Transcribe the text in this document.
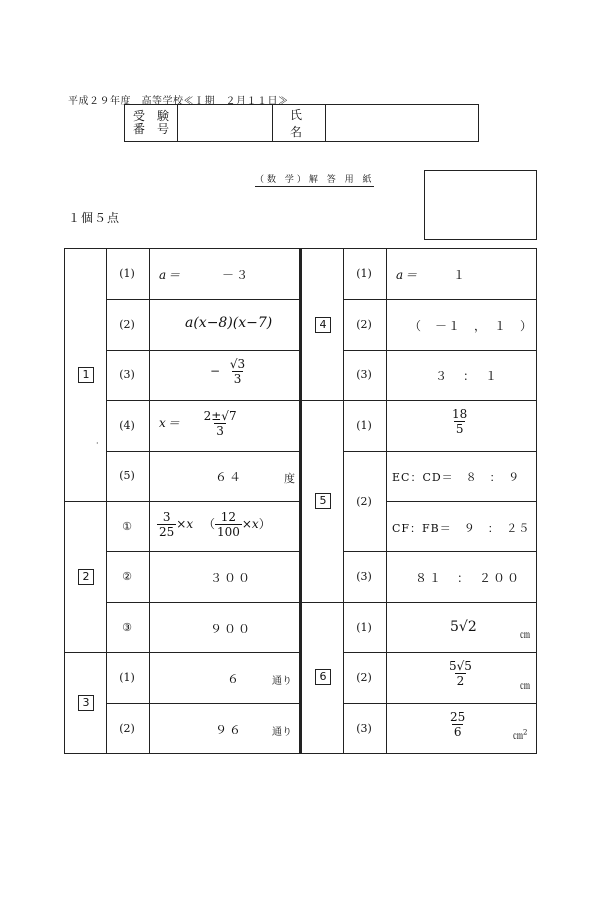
平成２９年度　高等学校≪Ｉ期　２月１１日≫
受　験
番　号		氏　名	
（数 学）解 答 用 紙
１個５点
1
(1)	a＝	－３
(2)	a(x−8)(x−7)
(3)	− $\frac{√3}{3}$
(4)	$x= \frac{2\pm√7}{3}$
(5)	６４	度
2
①	$\frac{3}{25} \times x$ （ $\frac{12}{100} \times x$）
②	３００
③	９００
3
(1)	６	通り
(2)	９６	通り
4
(1)	a＝	１
(2)	（　－１　，　１　）
(3)	３　：　１
5
(1)	$\frac{18}{5}$
(2)
EC：CD＝　８　：　９
CF：FB＝　９　：　２５
(3)	８１　：　２００
6
(1)	5√2
㎝
(2)	$\frac{5√5}{2}$	㎝
(3)	$\frac{25}{6}$	㎝$^2$
·
